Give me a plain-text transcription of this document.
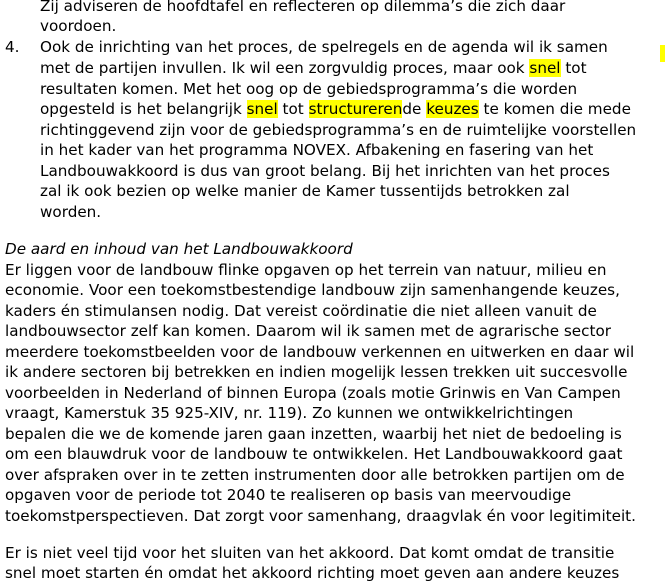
Zij adviseren de hoofdtafel en reflecteren op dilemma’s die zich daar
voordoen.
4. Ook de inrichting van het proces, de spelregels en de agenda wil ik samen
met de partijen invullen. Ik wil een zorgvuldig proces, maar ook snel tot
resultaten komen. Met het oog op de gebiedsprogramma’s die worden
opgesteld is het belangrijk snel tot structurerende keuzes te komen die mede
richtinggevend zijn voor de gebiedsprogramma’s en de ruimtelijke voorstellen
in het kader van het programma NOVEX. Afbakening en fasering van het
Landbouwakkoord is dus van groot belang. Bij het inrichten van het proces
zal ik ook bezien op welke manier de Kamer tussentijds betrokken zal
worden.
De aard en inhoud van het Landbouwakkoord
Er liggen voor de landbouw flinke opgaven op het terrein van natuur, milieu en
economie. Voor een toekomstbestendige landbouw zijn samenhangende keuzes,
kaders én stimulansen nodig. Dat vereist coördinatie die niet alleen vanuit de
landbouwsector zelf kan komen. Daarom wil ik samen met de agrarische sector
meerdere toekomstbeelden voor de landbouw verkennen en uitwerken en daar wil
ik andere sectoren bij betrekken en indien mogelijk lessen trekken uit succesvolle
voorbeelden in Nederland of binnen Europa (zoals motie Grinwis en Van Campen
vraagt, Kamerstuk 35 925-XIV, nr. 119). Zo kunnen we ontwikkelrichtingen
bepalen die we de komende jaren gaan inzetten, waarbij het niet de bedoeling is
om een blauwdruk voor de landbouw te ontwikkelen. Het Landbouwakkoord gaat
over afspraken over in te zetten instrumenten door alle betrokken partijen om de
opgaven voor de periode tot 2040 te realiseren op basis van meervoudige
toekomstperspectieven. Dat zorgt voor samenhang, draagvlak én voor legitimiteit.
Er is niet veel tijd voor het sluiten van het akkoord. Dat komt omdat de transitie
snel moet starten én omdat het akkoord richting moet geven aan andere keuzes
